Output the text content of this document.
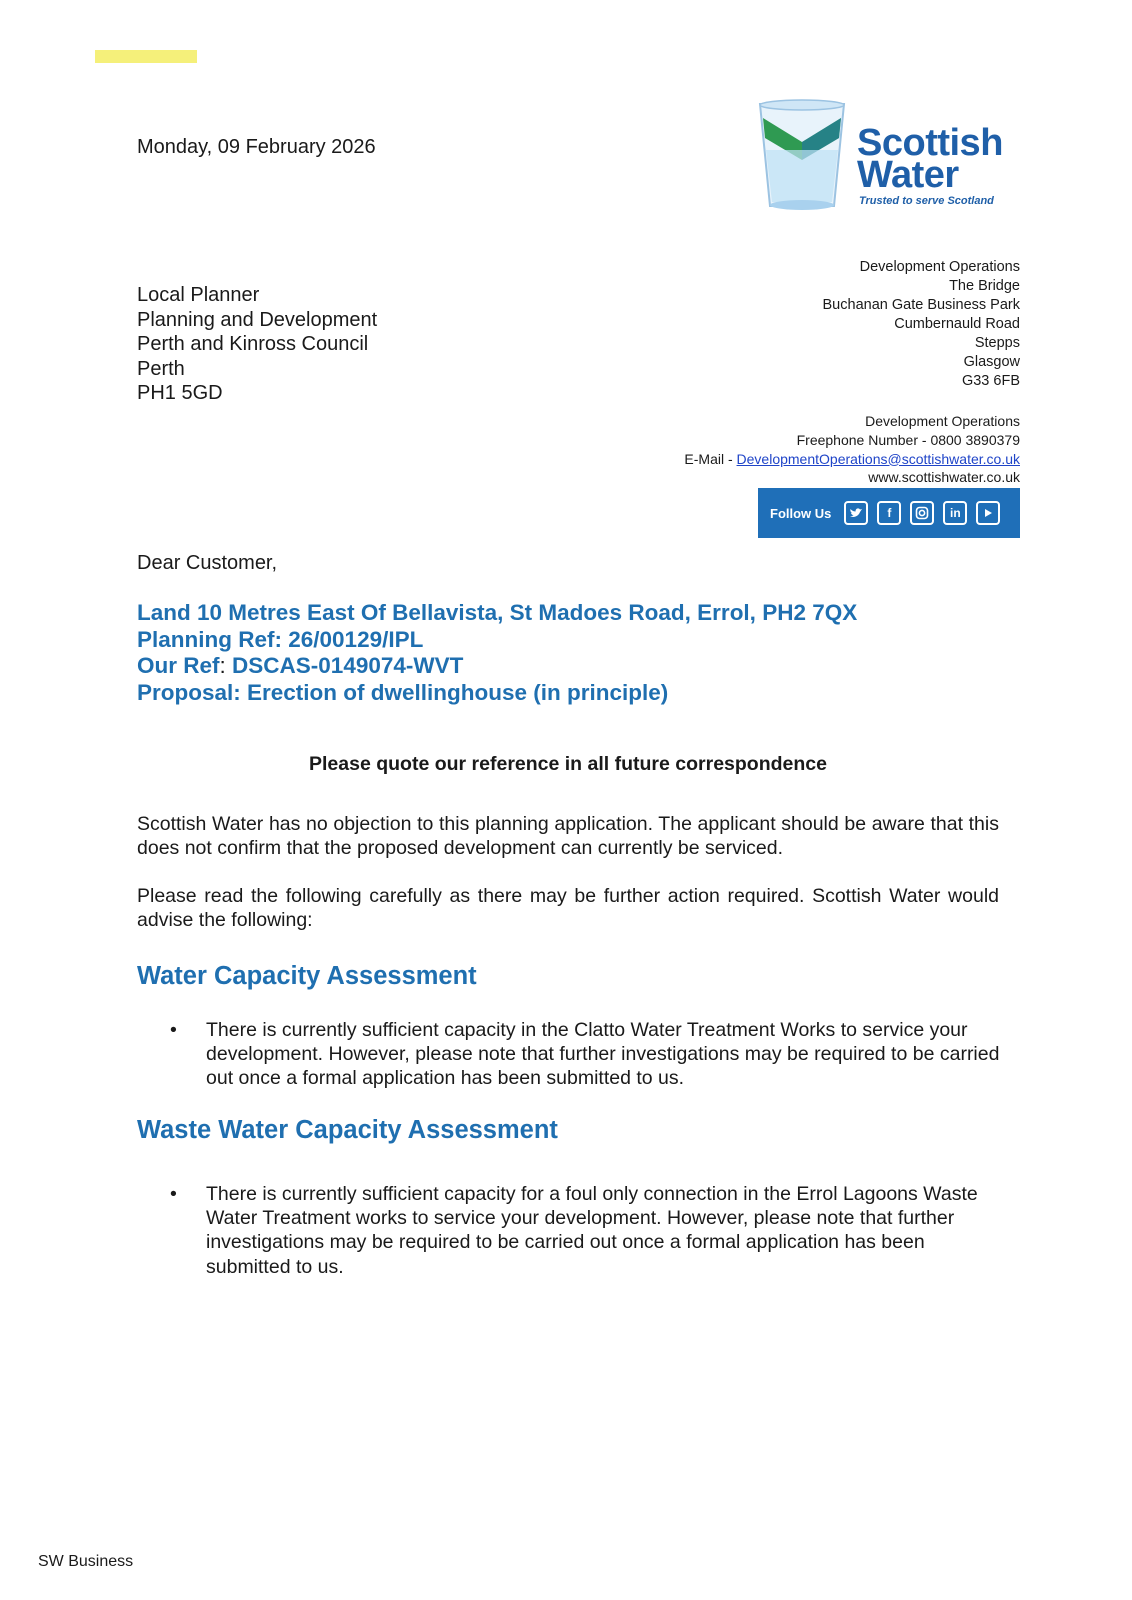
Monday, 09 February 2026	Scottish
Water
Trusted to serve Scotland
Local Planner
Planning and Development
Perth and Kinross Council
Perth
PH1 5GD
Development Operations
The Bridge
Buchanan Gate Business Park
Cumbernauld Road
Stepps
Glasgow
G33 6FB
Development Operations
Freephone Number - 0800 3890379
E-Mail - DevelopmentOperations@scottishwater.co.uk
www.scottishwater.co.uk
Follow Us	f	in
Dear Customer,
Land 10 Metres East Of Bellavista, St Madoes Road, Errol, PH2 7QX
Planning Ref: 26/00129/IPL
Our Ref: DSCAS-0149074-WVT
Proposal: Erection of dwellinghouse (in principle)
Please quote our reference in all future correspondence
Scottish Water has no objection to this planning application. The applicant should be aware that this does not confirm that the proposed development can currently be serviced.
Please read the following carefully as there may be further action required. Scottish Water would advise the following:
Water Capacity Assessment
•	There is currently sufficient capacity in the Clatto Water Treatment Works to service your development. However, please note that further investigations may be required to be carried out once a formal application has been submitted to us.
Waste Water Capacity Assessment
•	There is currently sufficient capacity for a foul only connection in the Errol Lagoons Waste Water Treatment works to service your development. However, please note that further investigations may be required to be carried out once a formal application has been submitted to us.
SW Business
